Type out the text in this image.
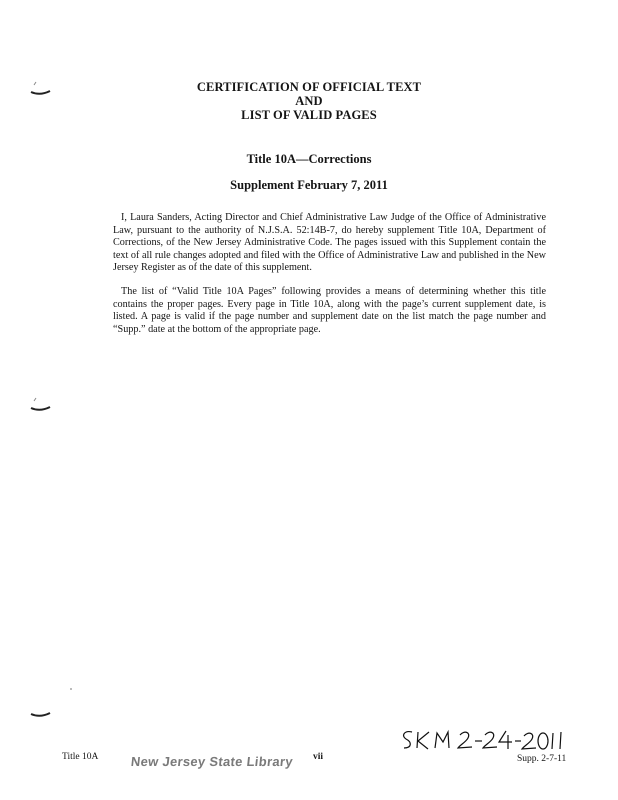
CERTIFICATION OF OFFICIAL TEXT
AND
LIST OF VALID PAGES
Title 10A—Corrections
Supplement February 7, 2011

I, Laura Sanders, Acting Director and Chief Administrative Law Judge of the Office of Administrative Law, pursuant to the authority of N.J.S.A. 52:14B-7, do hereby supplement Title 10A, Department of Corrections, of the New Jersey Administrative Code. The pages issued with this Supplement contain the text of all rule changes adopted and filed with the Office of Administrative Law and published in the New Jersey Register as of the date of this supplement.

The list of “Valid Title 10A Pages” following provides a means of determining whether this title contains the proper pages. Every page in Title 10A, along with the page’s current supplement date, is listed. A page is valid if the page number and supplement date on the list match the page number and “Supp.” date at the bottom of the appropriate page.

Title 10A New Jersey State Library vii	Supp. 2-7-11
